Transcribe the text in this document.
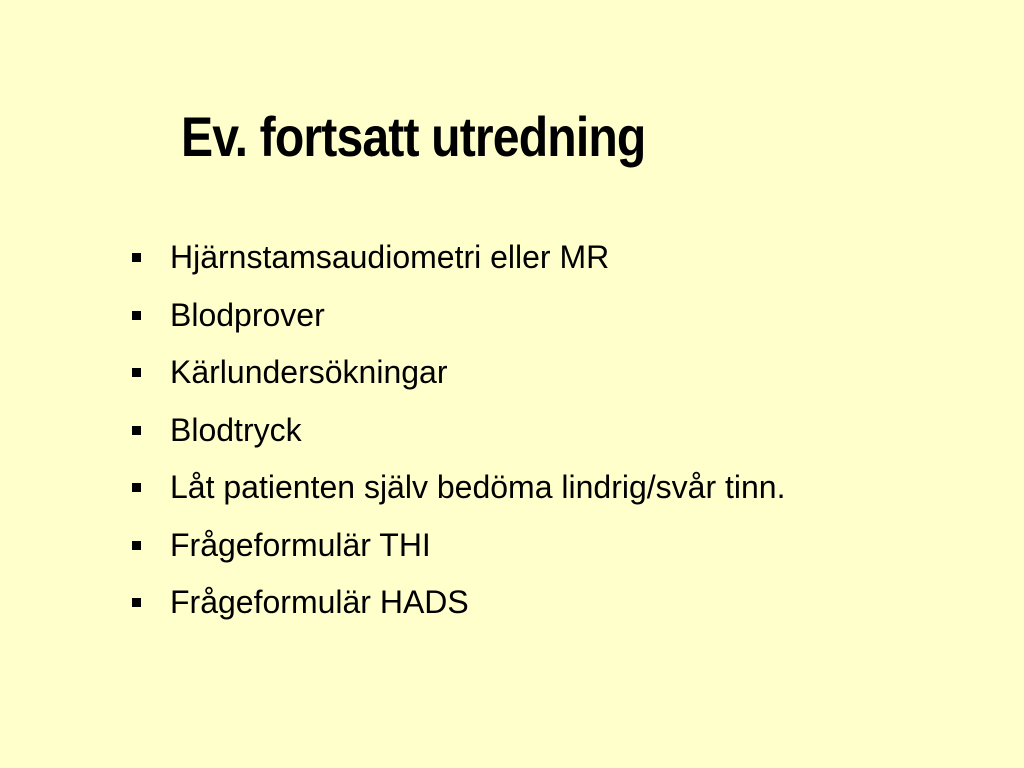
Ev. fortsatt utredning
Hjärnstamsaudiometri eller MR
Blodprover
Kärlundersökningar
Blodtryck
Låt patienten själv bedöma lindrig/svår tinn.
Frågeformulär THI
Frågeformulär HADS
